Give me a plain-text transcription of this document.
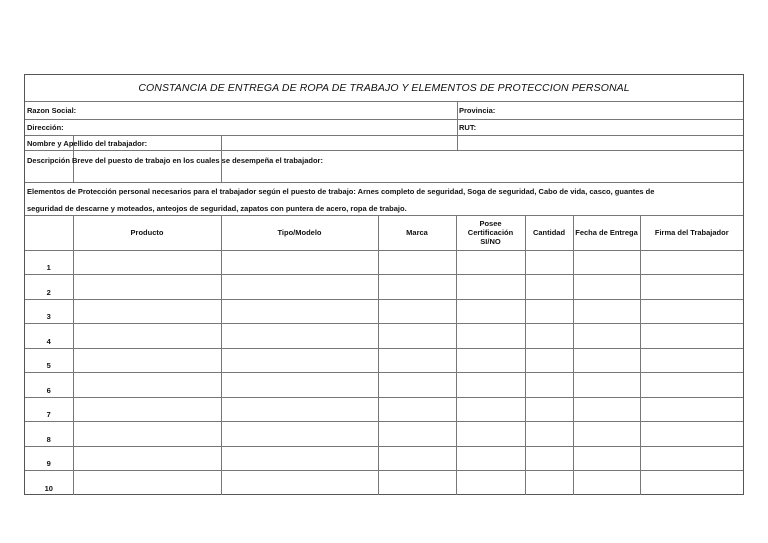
CONSTANCIA DE ENTREGA DE ROPA DE TRABAJO Y ELEMENTOS DE PROTECCION PERSONAL
Razon Social:	Provincia:
Dirección:	RUT:
Nombre y Apellido del trabajador:
Descripción Breve del puesto de trabajo en los cuales se desempeña el trabajador:
Elementos de Protección personal necesarios para el trabajador según el puesto de trabajo: Arnes completo de seguridad, Soga de seguridad, Cabo de vida, casco, guantes de
seguridad de descarne y moteados, anteojos de seguridad, zapatos con puntera de acero, ropa de trabajo.
	Producto	Tipo/Modelo	Marca	Posee Certificación SI/NO	Cantidad	Fecha de Entrega	Firma del Trabajador
1							
2							
3							
4							
5							
6							
7							
8							
9							
10							
